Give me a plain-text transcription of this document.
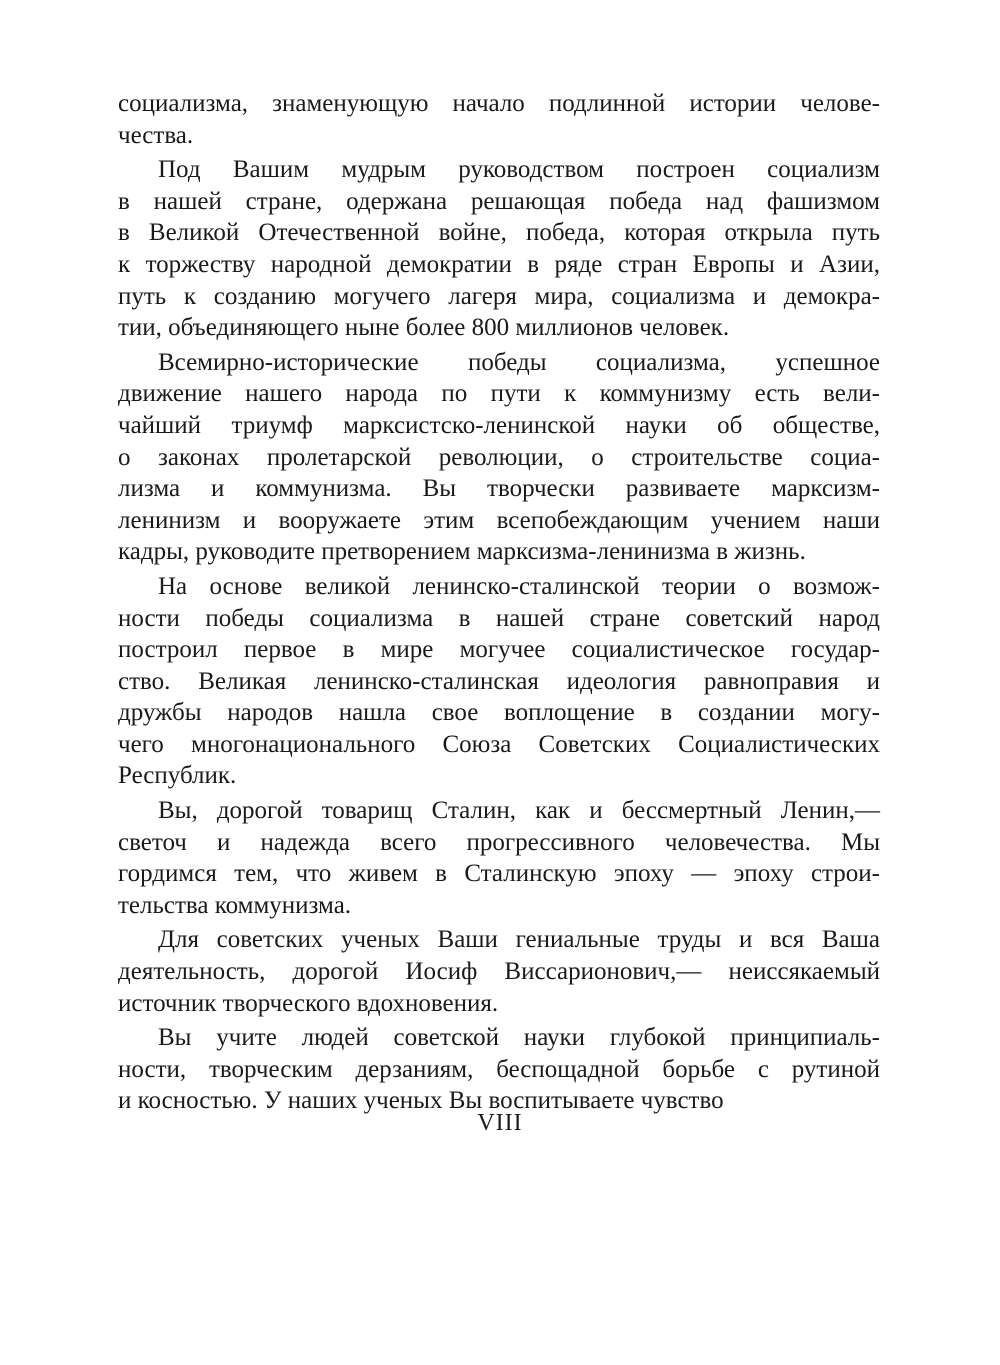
социализма, знаменующую начало подлинной истории челове-
чества.
Под Вашим мудрым руководством построен социализм
в нашей стране, одержана решающая победа над фашизмом
в Великой Отечественной войне, победа, которая открыла путь
к торжеству народной демократии в ряде стран Европы и Азии,
путь к созданию могучего лагеря мира, социализма и демокра-
тии, объединяющего ныне более 800 миллионов человек.
Всемирно-исторические победы социализма, успешное
движение нашего народа по пути к коммунизму есть вели-
чайший триумф марксистско-ленинской науки об обществе,
о законах пролетарской революции, о строительстве социа-
лизма и коммунизма. Вы творчески развиваете марксизм-
ленинизм и вооружаете этим всепобеждающим учением наши
кадры, руководите претворением марксизма-ленинизма в жизнь.
На основе великой ленинско-сталинской теории о возмож-
ности победы социализма в нашей стране советский народ
построил первое в мире могучее социалистическое государ-
ство. Великая ленинско-сталинская идеология равноправия и
дружбы народов нашла свое воплощение в создании могу-
чего многонационального Союза Советских Социалистических
Республик.
Вы, дорогой товарищ Сталин, как и бессмертный Ленин,—
светоч и надежда всего прогрессивного человечества. Мы
гордимся тем, что живем в Сталинскую эпоху — эпоху строи-
тельства коммунизма.
Для советских ученых Ваши гениальные труды и вся Ваша
деятельность, дорогой Иосиф Виссарионович,— неиссякаемый
источник творческого вдохновения.
Вы учите людей советской науки глубокой принципиаль-
ности, творческим дерзаниям, беспощадной борьбе с рутиной
и косностью. У наших ученых Вы воспитываете чувство
VIII
